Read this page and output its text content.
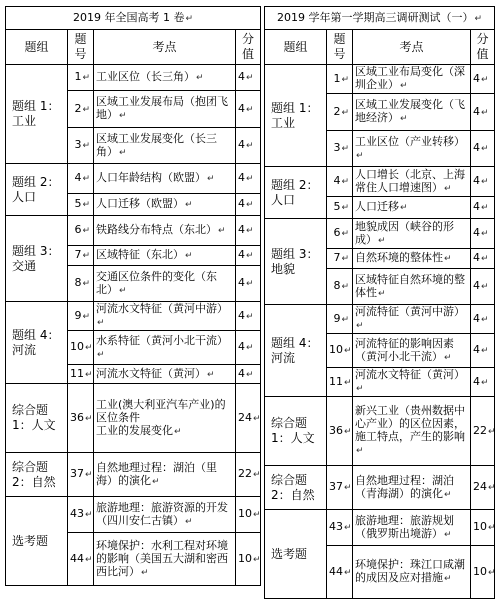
2019 年全国高考 1 卷 ↵
题组	题号	考点	分值
题组 1：工业	1 ↵	工业区位（长三角） ↵	4 ↵
	2 ↵	区域工业发展布局（抱团飞地） ↵	4 ↵
	3 ↵	区域工业发展变化（长三角） ↵	4 ↵
题组 2：人口	4 ↵	人口年龄结构（欧盟） ↵	4 ↵
	5 ↵	人口迁移（欧盟） ↵	4 ↵
题组 3：交通	6 ↵	铁路线分布特点（东北） ↵	4 ↵
	7 ↵	区域特征（东北） ↵	4 ↵
	8 ↵	交通区位条件的变化（东北） ↵	4 ↵
题组 4：河流	9 ↵	河流水文特征（黄河中游） ↵	4 ↵
	10 ↵	水系特征（黄河小北干流） ↵	4 ↵
	11 ↵	河流水文特征（黄河） ↵	4 ↵
综合题1：人文	36 ↵	工业(澳大利亚汽车产业)的区位条件
工业的发展变化 ↵	24 ↵
综合题2：自然	37 ↵	自然地理过程：湖泊（里海）的演化 ↵	22 ↵
选考题	43 ↵	旅游地理：旅游资源的开发（四川安仁古镇） ↵	10 ↵
	44 ↵	环境保护：水利工程对环境的影响（美国五大湖和密西西比河） ↵	10 ↵
2019 学年第一学期高三调研测试（一） ↵
题组	题号	考点	分值
题组 1：工业	1 ↵	区域工业布局变化（深圳企业） ↵	4 ↵
	2 ↵	区域工业发展变化（飞地经济） ↵	4 ↵
	3 ↵	工业区位（产业转移） ↵	4 ↵
题组 2：人口	4 ↵	人口增长（北京、上海常住人口增速图） ↵	4 ↵
	5 ↵	人口迁移 ↵	4 ↵
题组 3：地貌	6 ↵	地貌成因（峡谷的形成） ↵	4 ↵
	7 ↵	自然环境的整体性 ↵	4 ↵
	8 ↵	区域特征自然环境的整体性 ↵	4 ↵
题组 4：河流	9 ↵	河流特征（黄河中游） ↵	4 ↵
	10 ↵	河流特征的影响因素（黄河小北干流） ↵	4 ↵
	11 ↵	河流水文特征（黄河） ↵	4 ↵
综合题1：人文	36 ↵	新兴工业（贵州数据中心产业）的区位因素，施工特点，产生的影响 ↵	22 ↵
综合题2：自然	37 ↵	自然地理过程：湖泊（青海湖）的演化 ↵	24 ↵
选考题	43 ↵	旅游地理：旅游规划（俄罗斯出境游） ↵	10 ↵
	44 ↵	环境保护：珠江口咸潮的成因及应对措施 ↵	10 ↵
